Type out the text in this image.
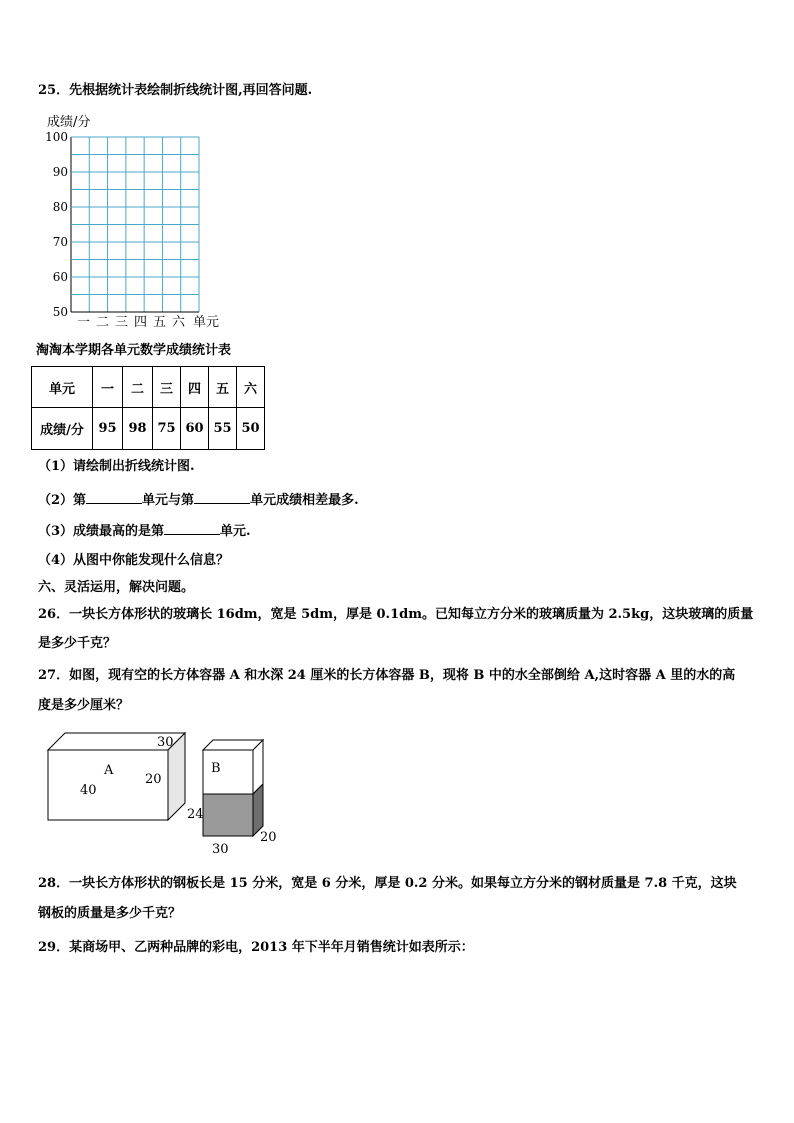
25．先根据统计表绘制折线统计图,再回答问题.
成绩/分
100
90
80
70
60
50
一 二 三 四 五 六 单元
淘淘本学期各单元数学成绩统计表
单元	一	二	三	四	五	六
成绩/分	95	98	75	60	55	50
（1）请绘制出折线统计图.
（2）第	单元与第	单元成绩相差最多.
（3）成绩最高的是第	单元.
（4）从图中你能发现什么信息？
六、灵活运用，解决问题。
26．一块长方体形状的玻璃长 16dm，宽是 5dm，厚是 0.1dm。已知每立方分米的玻璃质量为 2.5kg，这块玻璃的质量
是多少千克？
27．如图，现有空的长方体容器 A 和水深 24 厘米的长方体容器 B，现将 B 中的水全部倒给 A,这时容器 A 里的水的高
度是多少厘米？
A
30
20
40
B
24
20
30
28．一块长方体形状的钢板长是 15 分米，宽是 6 分米，厚是 0.2 分米。如果每立方分米的钢材质量是 7.8 千克，这块
钢板的质量是多少千克？
29．某商场甲、乙两种品牌的彩电，2013 年下半年月销售统计如表所示：
